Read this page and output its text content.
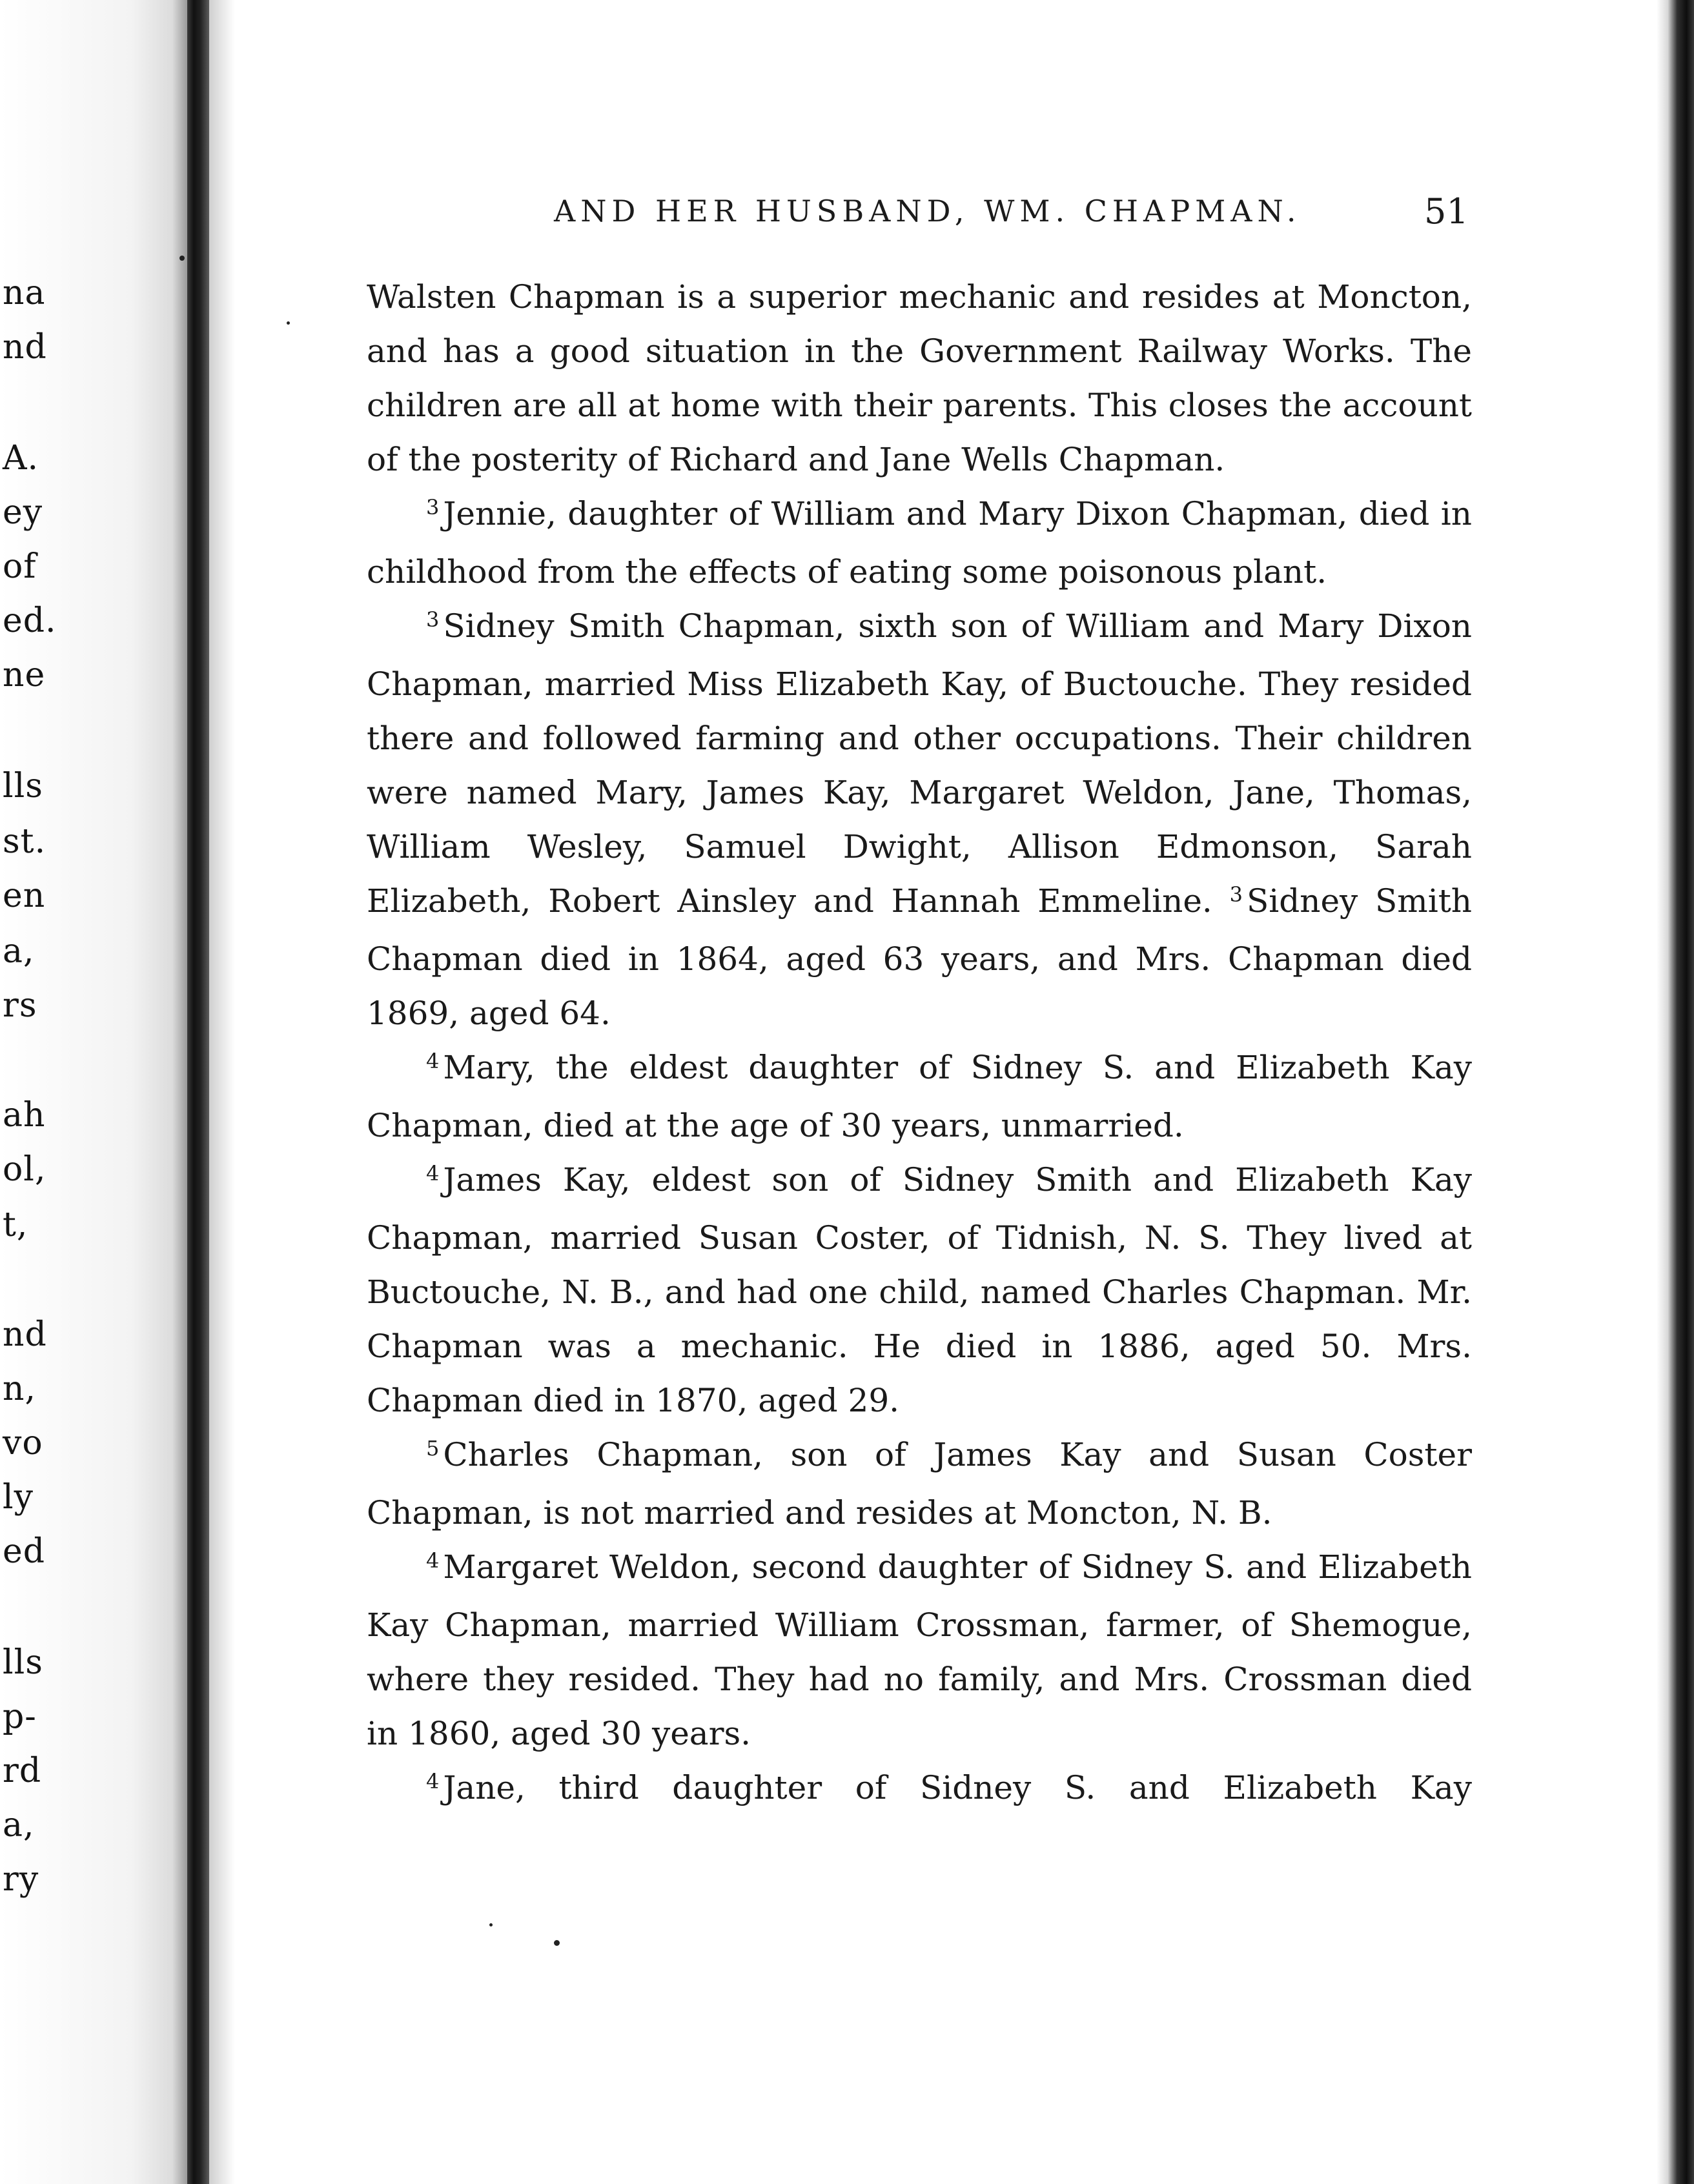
na
nd
A.
ey
of
ed.
ne
lls
st.
en
a,
rs
ah
ol,
t,
nd
n,
vo
ly
ed
lls
p-
rd
a,
ry
AND HER HUSBAND, WM. CHAPMAN.	51

Walsten Chapman is a superior mechanic and resides at Moncton, and has a good situation in the Government Railway Works. The children are all at home with their parents. This closes the account of the posterity of Richard and Jane Wells Chapman.

$^3$ Jennie, daughter of William and Mary Dixon Chapman, died in childhood from the effects of eating some poisonous plant.

$^3$ Sidney Smith Chapman, sixth son of William and Mary Dixon Chapman, married Miss Elizabeth Kay, of Buctouche. They resided there and followed farming and other occupations. Their children were named Mary, James Kay, Margaret Weldon, Jane, Thomas, William Wesley, Samuel Dwight, Allison Edmonson, Sarah Elizabeth, Robert Ainsley and Hannah Emmeline. $^3$ Sidney Smith Chapman died in 1864, aged 63 years, and Mrs. Chapman died 1869, aged 64.

$^4$ Mary, the eldest daughter of Sidney S. and Elizabeth Kay Chapman, died at the age of 30 years, unmarried.

$^4$ James Kay, eldest son of Sidney Smith and Elizabeth Kay Chapman, married Susan Coster, of Tidnish, N. S. They lived at Buctouche, N. B., and had one child, named Charles Chapman. Mr. Chapman was a mechanic. He died in 1886, aged 50. Mrs. Chapman died in 1870, aged 29.

$^5$ Charles Chapman, son of James Kay and Susan Coster Chapman, is not married and resides at Moncton, N. B.

$^4$ Margaret Weldon, second daughter of Sidney S. and Elizabeth Kay Chapman, married William Crossman, farmer, of Shemogue, where they resided. They had no family, and Mrs. Crossman died in 1860, aged 30 years.

$^4$ Jane, third daughter of Sidney S. and Elizabeth Kay
